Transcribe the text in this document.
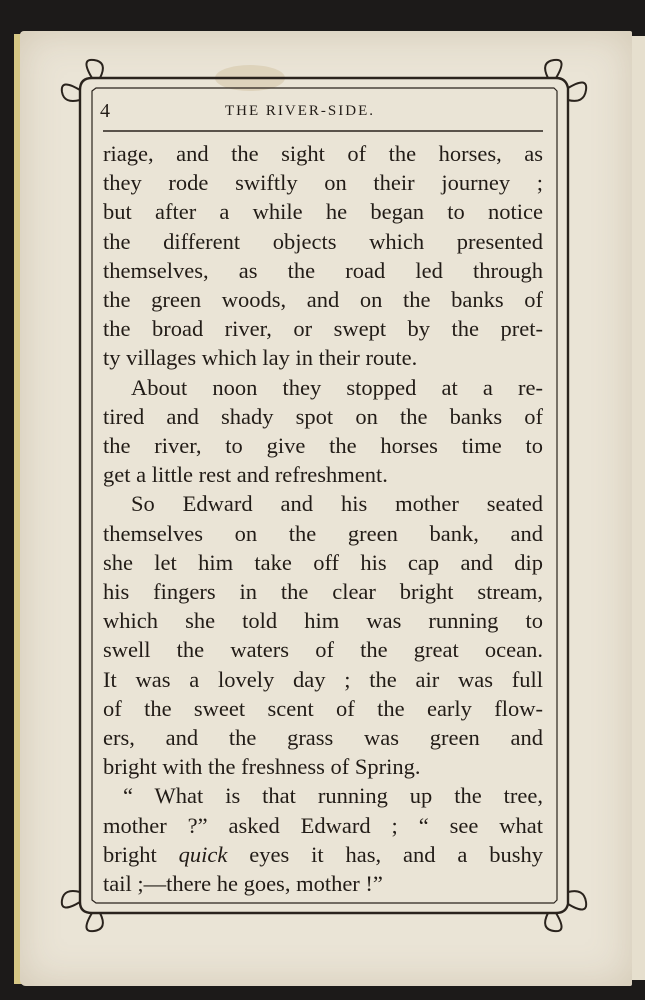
4	THE RIVER-SIDE.
riage, and the sight of the horses, as
they rode swiftly on their journey ;
but after a while he began to notice
the different objects which presented
themselves, as the road led through
the green woods, and on the banks of
the broad river, or swept by the pret-
ty villages which lay in their route.
About noon they stopped at a re-
tired and shady spot on the banks of
the river, to give the horses time to
get a little rest and refreshment.
So Edward and his mother seated
themselves on the green bank, and
she let him take off his cap and dip
his fingers in the clear bright stream,
which she told him was running to
swell the waters of the great ocean.
It was a lovely day ; the air was full
of the sweet scent of the early flow-
ers, and the grass was green and
bright with the freshness of Spring.
“ What is that running up the tree,
mother ?” asked Edward ; “ see what
bright quick eyes it has, and a bushy
tail ;—there he goes, mother !”
